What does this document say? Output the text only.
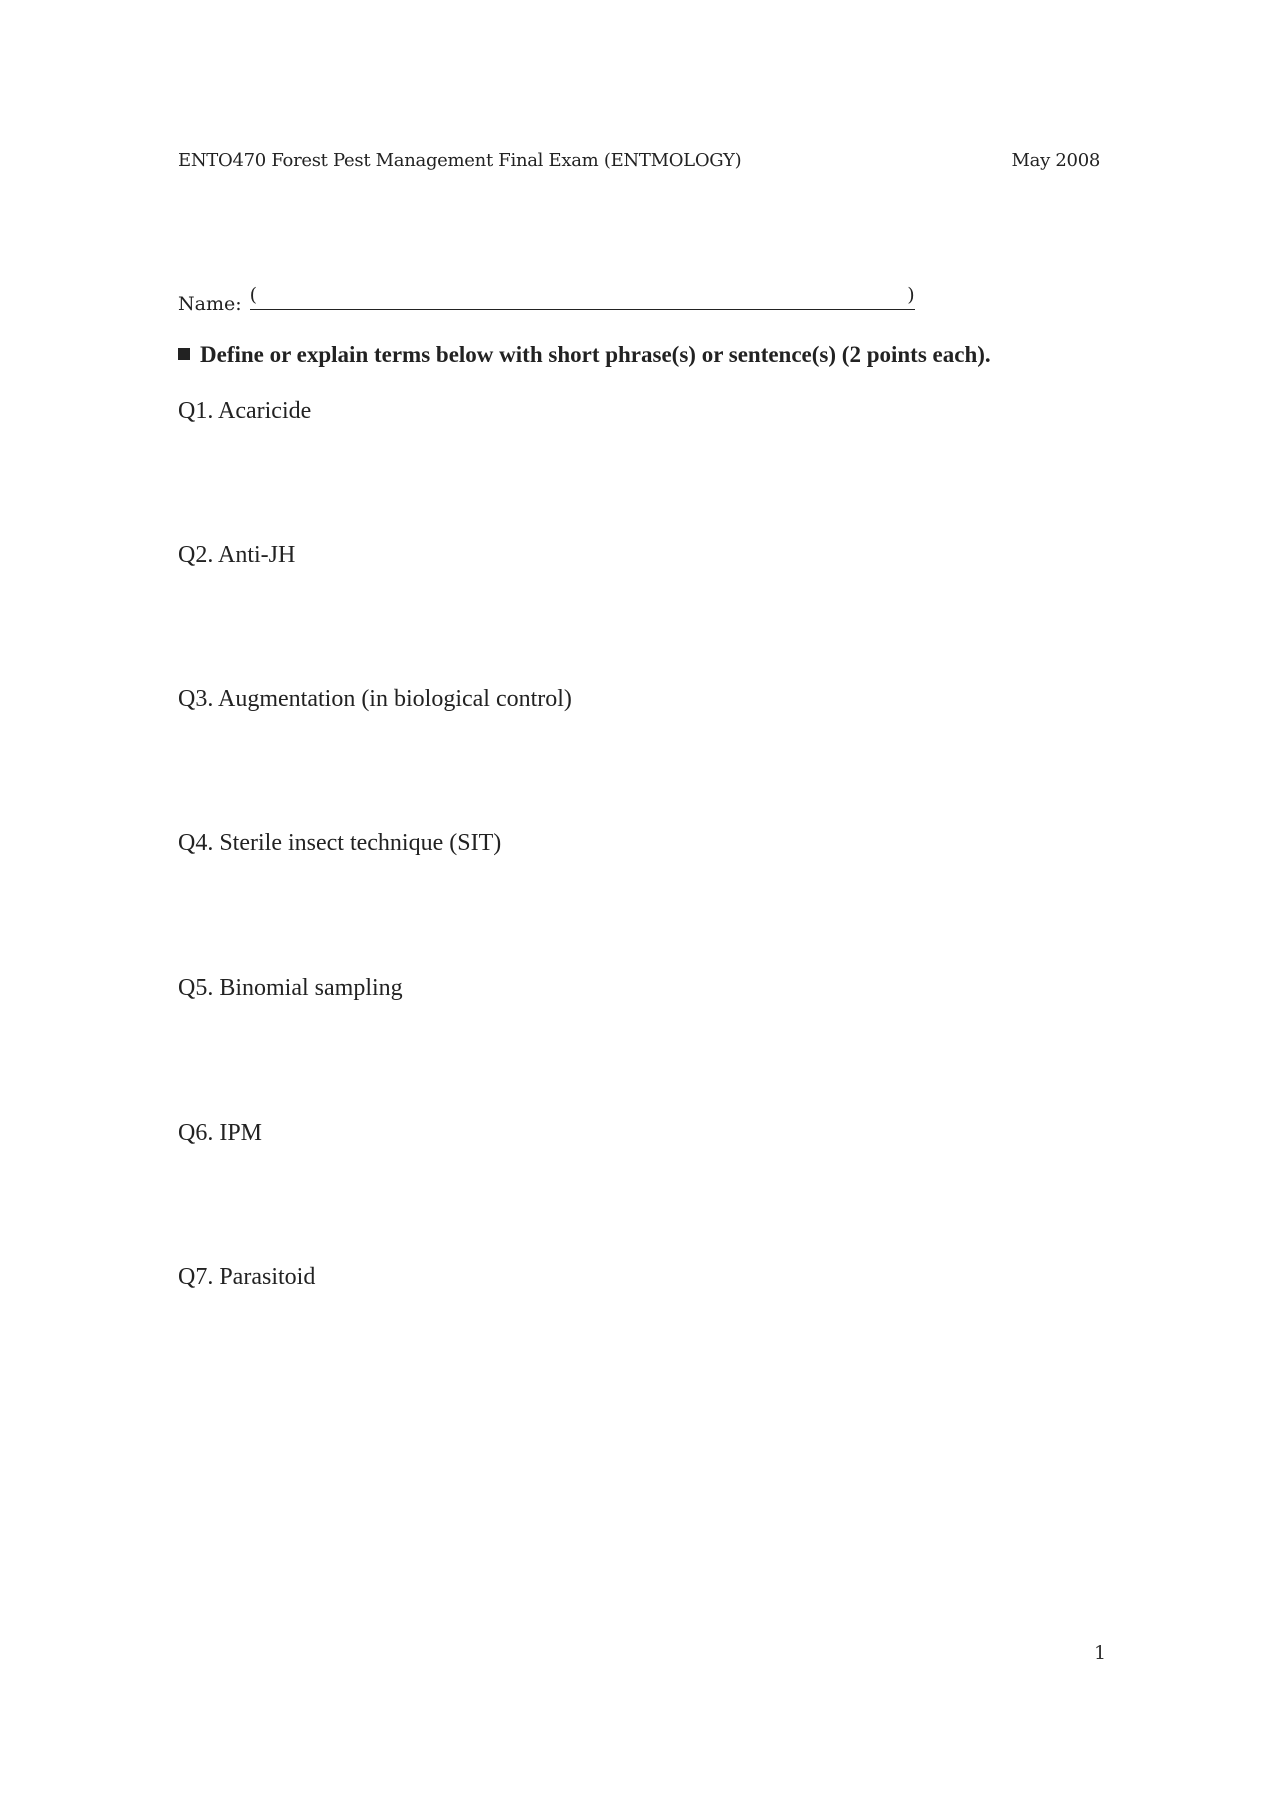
ENTO470 Forest Pest Management Final Exam (ENTMOLOGY)	May 2008
Name: (	)
Define or explain terms below with short phrase(s) or sentence(s) (2 points each).
Q1. Acaricide
Q2. Anti-JH
Q3. Augmentation (in biological control)
Q4. Sterile insect technique (SIT)
Q5. Binomial sampling
Q6. IPM
Q7. Parasitoid
1
